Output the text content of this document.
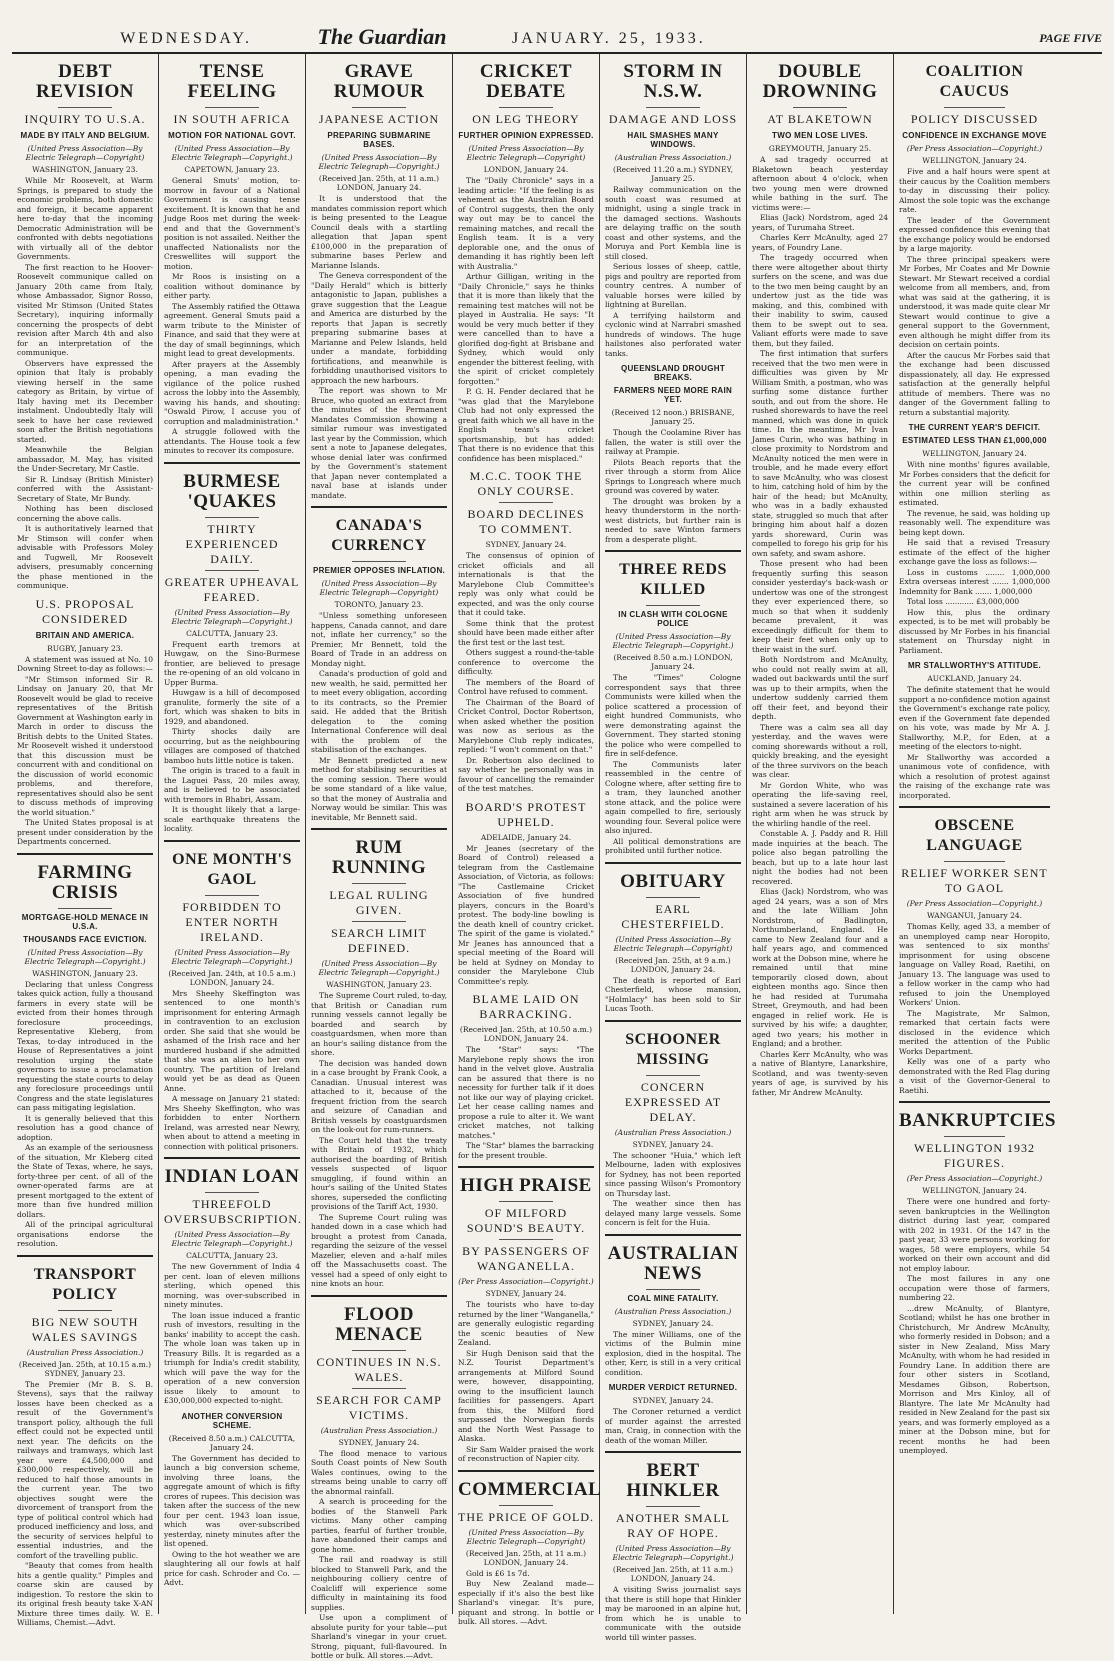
WEDNESDAY.	The Guardian	JANUARY. 25, 1933.	PAGE FIVE
DEBT REVISION
INQUIRY TO U.S.A.
MADE BY ITALY AND BELGIUM.
(United Press Association—By Electric Telegraph—Copyright)
WASHINGTON, January 23.

While Mr Roosevelt, at Warm Springs, is prepared to study the economic problems, both domestic and foreign, it became apparent here to-day that the incoming Democratic Administration will be confronted with debts negotiations with virtually all of the debtor Governments.

The first reaction to he Hoover-Roosevelt communique called on January 20th came from Italy, whose Ambassador, Signor Rosso, visited Mr Stimson (United States Secretary), inquiring informally concerning the prospects of debt revision after March 4th and also for an interpretation of the communique.

Observers have expressed the opinion that Italy is probably viewing herself in the same category as Britain, by virtue of Italy having met its December instalment. Undoubtedly Italy will seek to have her case reviewed soon after the British negotiations started.

Meanwhile the Belgian ambassador, M. May, has visited the Under-Secretary, Mr Castle.

Sir R. Lindsay (British Minister) conferred with the Assistant-Secretary of State, Mr Bundy.

Nothing has been disclosed concerning the above calls.

It is authoritatively learned that Mr Stimson will confer when advisable with Professors Moley and Tugwell, Mr Roosevelt advisers, presumably concerning the phase mentioned in the communique.

U.S. PROPOSAL CONSIDERED
BRITAIN AND AMERICA.
RUGBY, January 23.

A statement was issued at No. 10 Downing Street to-day as follows:—

"Mr Stimson informed Sir R. Lindsay on January 20, that Mr Roosevelt would be glad to receive representatives of the British Government at Washington early in March in order to discuss the British debts to the United States. Mr Roosevelt wished it understood that this discussion must be concurrent with and conditional on the discussion of world economic problems, and therefore, representatives should also be sent to discuss methods of improving the world situation."

The United States proposal is at present under consideration by the Departments concerned.

FARMING CRISIS
MORTGAGE-HOLD MENACE IN U.S.A.
THOUSANDS FACE EVICTION.
(United Press Association—By Electric Telegraph—Copyright.)
WASHINGTON, January 23.

Declaring that unless Congress takes quick action, fully a thousand farmers in every state will be evicted from their homes through foreclosure proceedings, Representative Kleberg, from Texas, to-day introduced in the House of Representatives a joint resolution urging the state governors to issue a proclamation requesting the state courts to delay any foreclosure proceedings until Congress and the state legislatures can pass mitigating legislation.

It is generally believed that this resolution has a good chance of adoption.

As an example of the seriousness of the situation, Mr Kleberg cited the State of Texas, where, he says, forty-three per cent. of all of the owner-operated farms are at present mortgaged to the extent of more than five hundred million dollars.

All of the principal agricultural organisations endorse the resolution.

TRANSPORT POLICY
BIG NEW SOUTH WALES SAVINGS
(Australian Press Association.)
(Received Jan. 25th, at 10.15 a.m.) SYDNEY, January 23.

The Premier (Mr B. S. B. Stevens), says that the railway losses have been checked as a result of the Government's transport policy, although the full effect could not be expected until next year. The deficits on the railways and tramways, which last year were £4,500,000 and £300,000 respectively, will be reduced to half those amounts in the current year. The two objectives sought were the divorcement of transport from the type of political control which had produced inefficiency and loss, and the security of services helpful to essential industries, and the comfort of the travelling public.

"Beauty that comes from health hits a gentle quality." Pimples and coarse skin are caused by indigestion. To restore the skin to its original fresh beauty take X-AN Mixture three times daily. W. E. Williams, Chemist.—Advt.

TENSE FEELING
IN SOUTH AFRICA
MOTION FOR NATIONAL GOVT.
(United Press Association—By Electric Telegraph—Copyright.)
CAPETOWN, January 23.

General Smuts' motion, to-morrow in favour of a National Government is causing tense excitement. It is known that he and Judge Roos met during the week-end and that the Government's position is not assailed. Neither the unaffected Nationalists nor the Creswellites will support the motion.

Mr Roos is insisting on a coalition without dominance by either party.

The Assembly ratified the Ottawa agreement. General Smuts paid a warm tribute to the Minister of Finance, and said that they were at the day of small beginnings, which might lead to great developments.

After prayers at the Assembly opening, a man evading the vigilance of the police rushed across the lobby into the Assembly, waving his hands, and shouting: "Oswald Pirow, I accuse you of corruption and maladministration."

A struggle followed with the attendants. The House took a few minutes to recover its composure.

BURMESE 'QUAKES
THIRTY EXPERIENCED DAILY.
GREATER UPHEAVAL FEARED.
(United Press Association—By Electric Telegraph—Copyright.)
CALCUTTA, January 23.

Frequent earth tremors at Huwgaw, on the Sino-Burmese frontier, are believed to presage the re-opening of an old volcano in Upper Burma.

Huwgaw is a hill of decomposed granulite, formerly the site of a fort, which was shaken to bits in 1929, and abandoned.

Thirty shocks daily are occurring, but as the neighbouring villages are composed of thatched bamboo huts little notice is taken.

The origin is traced to a fault in the Laguei Pass, 20 miles away, and is believed to be associated with tremors in Bhabri, Assam.

It is thought likely that a large-scale earthquake threatens the locality.

ONE MONTH'S GAOL
FORBIDDEN TO ENTER NORTH IRELAND.
(United Press Association—By Electric Telegraph—Copyright.)
(Received Jan. 24th, at 10.5 a.m.) LONDON, January 24.

Mrs Sheehy Skeffington was sentenced to one month's imprisonment for entering Armagh in contravention to an exclusion order. She said that she would be ashamed of the Irish race and her murdered husband if she admitted that she was an alien to her own country. The partition of Ireland would yet be as dead as Queen Anne.

A message on January 21 stated: Mrs Sheehy Skeffington, who was forbidden to enter Northern Ireland, was arrested near Newry, when about to attend a meeting in connection with political prisoners.

INDIAN LOAN
THREEFOLD OVERSUBSCRIPTION.
(United Press Association—By Electric Telegraph—Copyright.)
CALCUTTA, January 23.

The new Government of India 4 per cent. loan of eleven millions sterling, which opened this morning, was over-subscribed in ninety minutes.

The loan issue induced a frantic rush of investors, resulting in the banks' inability to accept the cash. The whole loan was taken up in Treasury Bills. It is regarded as a triumph for India's credit stability, which will pave the way for the operation of a new conversion issue likely to amount to £30,000,000 expected to-night.

ANOTHER CONVERSION SCHEME.
(Received 8.50 a.m.) CALCUTTA, January 24.

The Government has decided to launch a big conversion scheme, involving three loans, the aggregate amount of which is fifty crores of rupees. This decision was taken after the success of the new four per cent. 1943 loan issue, which was over-subscribed yesterday, ninety minutes after the list opened.

Owing to the hot weather we are slaughtering all our fowls at half price for cash. Schroder and Co. —Advt.

GRAVE RUMOUR
JAPANESE ACTION
PREPARING SUBMARINE BASES.
(United Press Association—By Electric Telegraph—Copyright.)
(Received Jan. 25th, at 11 a.m.) LONDON, January 24.

It is understood that the mandates commission report which is being presented to the League Council deals with a startling allegation that Japan spent £100,000 in the preparation of submarine bases Perlew and Marianne Islands.

The Geneva correspondent of the "Daily Herald" which is bitterly antagonistic to Japan, publishes a grave suggestion that the League and America are disturbed by the reports that Japan is secretly preparing submarine bases at Marianne and Pelew Islands, held under a mandate, forbidding fortifications, and meanwhile is forbidding unauthorised visitors to approach the new harbours.

The report was shown to Mr Bruce, who quoted an extract from the minutes of the Permanent Mandates Commission showing a similar rumour was investigated last year by the Commission, which sent a note to Japanese delegates, whose denial later was confirmed by the Government's statement that Japan never contemplated a naval base at islands under mandate.

CANADA'S CURRENCY
PREMIER OPPOSES INFLATION.
(United Press Association—By Electric Telegraph—Copyright)
TORONTO, January 23.

"Unless something unforeseen happens, Canada cannot, and dare not, inflate her currency," so the Premier, Mr Bennett, told the Board of Trade in an address on Monday night.

Canada's production of gold and new wealth, he said, permitted her to meet every obligation, according to its contracts, so the Premier said. He added that the British delegation to the coming International Conference will deal with the problem of the stabilisation of the exchanges.

Mr Bennett predicted a new method for stabilising securities at the coming session. There would be some standard of a like value, so that the money of Australia and Norway would be similar. This was inevitable, Mr Bennett said.

RUM RUNNING
LEGAL RULING GIVEN.
SEARCH LIMIT DEFINED.
(United Press Association—By Electric Telegraph—Copyright.)
WASHINGTON, January 23.

The Supreme Court ruled, to-day, that British or Canadian rum running vessels cannot legally be boarded and search by coastguardsmen, when more than an hour's sailing distance from the shore.

The decision was handed down in a case brought by Frank Cook, a Canadian. Unusual interest was attached to it, because of the frequent friction from the search and seizure of Canadian and British vessels by coastguardsmen on the look-out for rum-runners.

The Court held that the treaty with Britain of 1932, which authorised the boarding of British vessels suspected of liquor smuggling, if found within an hour's sailing of the United States shores, superseded the conflicting provisions of the Tariff Act, 1930.

The Supreme Court ruling was handed down in a case which had brought a protest from Canada, regarding the seizure of the vessel Mazelier, eleven and a-half miles off the Massachusetts coast. The vessel had a speed of only eight to nine knots an hour.

FLOOD MENACE
CONTINUES IN N.S. WALES.
SEARCH FOR CAMP VICTIMS.
(Australian Press Association.)
SYDNEY, January 24.

The flood menace to various South Coast points of New South Wales continues, owing to the streams being unable to carry off the abnormal rainfall.

A search is proceeding for the bodies of the Stanwell Park victims. Many other camping parties, fearful of further trouble, have abandoned their camps and gone home.

The rail and roadway is still blocked to Stanwell Park, and the neighbouring colliery centre of Coalcliff will experience some difficulty in maintaining its food supplies.

Use upon a compliment of absolute purity for your table—put Sharland's vinegar in your cruet. Strong, piquant, full-flavoured. In bottle or bulk. All stores.—Advt.

CRICKET DEBATE
ON LEG THEORY
FURTHER OPINION EXPRESSED.
(United Press Association—By Electric Telegraph—Copyright)
LONDON, January 24.

The "Daily Chronicle" says in a leading article: "If the feeling is as vehement as the Australian Board of Control suggests, then the only way out may be to cancel the remaining matches, and recall the English team. It is a very deplorable one, and the onus of demanding it has rightly been left with Australia."

Arthur Gilligan, writing in the "Daily Chronicle," says he thinks that it is more than likely that the remaining test matches will not be played in Australia. He says: "It would be very much better if they were cancelled than to have a glorified dog-fight at Brisbane and Sydney, which would only engender the bitterest feeling, with the spirit of cricket completely forgotten."

P. G. H. Fender declared that he "was glad that the Marylebone Club had not only expressed the great faith which we all have in the English team's cricket sportsmanship, but has added: That there is no evidence that this confidence has been misplaced."

M.C.C. TOOK THE ONLY COURSE.
BOARD DECLINES TO COMMENT.
SYDNEY, January 24.

The consensus of opinion of cricket officials and all internationals is that the Marylebone Club Committee's reply was only what could be expected, and was the only course that it could take.

Some think that the protest should have been made either after the first test or the last test.

Others suggest a round-the-table conference to overcome the difficulty.

The members of the Board of Control have refused to comment.

The Chairman of the Board of Cricket Control, Doctor Robertson, when asked whether the position was now as serious as the Marylebone Club reply indicates, replied: "I won't comment on that."

Dr. Robertson also declined to say whether he personally was in favour of cancelling the remainder of the test matches.

BOARD'S PROTEST UPHELD.
ADELAIDE, January 24.

Mr Jeanes (secretary of the Board of Control) released a telegram from the Castlemaine Association, of Victoria, as follows: "The Castlemaine Cricket Association of five hundred players, concurs in the Board's protest. The body-line bowling is the death knell of country cricket. The spirit of the game is violated." Mr Jeanes has announced that a special meeting of the Board will be held at Sydney on Monday to consider the Marylebone Club Committee's reply.

BLAME LAID ON BARRACKING.
(Received Jan. 25th, at 10.50 a.m.) LONDON, January 24.

The "Star" says: "The Marylebone reply shows the iron hand in the velvet glove. Australia can be assured that there is no necessity for further talk if it does not like our way of playing cricket. Let her cease calling names and propose a rule to alter it. We want cricket matches, not talking matches."

The "Star" blames the barracking for the present trouble.

HIGH PRAISE
OF MILFORD SOUND'S BEAUTY.
BY PASSENGERS OF WANGANELLA.
(Per Press Association—Copyright.)
SYDNEY, January 24.

The tourists who have to-day returned by the liner "Wanganella," are generally eulogistic regarding the scenic beauties of New Zealand.

Sir Hugh Denison said that the N.Z. Tourist Department's arrangements at Milford Sound were, however, disappointing, owing to the insufficient launch facilities for passengers. Apart from this, the Milford fiord surpassed the Norwegian fiords and the North West Passage to Alaska.

Sir Sam Walder praised the work of reconstruction of Napier city.

COMMERCIAL
THE PRICE OF GOLD.
(United Press Association—By Electric Telegraph—Copyright)
(Received Jan. 25th, at 11 a.m.) LONDON, January 24.

Gold is £6 1s 7d.

Buy New Zealand made—especially if it's also the best like Sharland's vinegar. It's pure, piquant and strong. In bottle or bulk. All stores. —Advt.

STORM IN N.S.W.
DAMAGE AND LOSS
HAIL SMASHES MANY WINDOWS.
(Australian Press Association.)
(Received 11.20 a.m.) SYDNEY, January 25.

Railway communication on the south coast was resumed at midnight, using a single track in the damaged sections. Washouts are delaying traffic on the south coast and other systems, and the Moruya and Port Kembla line is still closed.

Serious losses of sheep, cattle, pigs and poultry are reported from country centres. A number of valuable horses were killed by lightning at Burellan.

A terrifying hailstorm and cyclonic wind at Narrabri smashed hundreds of windows. The huge hailstones also perforated water tanks.

QUEENSLAND DROUGHT BREAKS.
FARMERS NEED MORE RAIN YET.
(Received 12 noon.) BRISBANE, January 25.

Though the Coolamine River has fallen, the water is still over the railway at Prampie.

Pilots Beach reports that the river through a storm from Alice Springs to Longreach where much ground was covered by water.

The drought was broken by a heavy thunderstorm in the north-west districts, but further rain is needed to save Winton farmers from a desperate plight.

THREE REDS KILLED
IN CLASH WITH COLOGNE POLICE
(United Press Association—By Electric Telegraph—Copyright.)
(Received 8.50 a.m.) LONDON, January 24.

The "Times" Cologne correspondent says that three Communists were killed when the police scattered a procession of eight hundred Communists, who were demonstrating against the Government. They started stoning the police who were compelled to fire in self-defence.

The Communists later reassembled in the centre of Cologne where, after setting fire to a tram, they launched another stone attack, and the police were again compelled to fire, seriously wounding four. Several police were also injured.

All political demonstrations are prohibited until further notice.

OBITUARY
EARL CHESTERFIELD.
(United Press Association—By Electric Telegraph—Copyright)
(Received Jan. 25th, at 9 a.m.) LONDON, January 24.

The death is reported of Earl Chesterfield, whose mansion, "Holmlacy" has been sold to Sir Lucas Tooth.

SCHOONER MISSING
CONCERN EXPRESSED AT DELAY.
(Australian Press Association.)
SYDNEY, January 24.

The schooner "Huia," which left Melbourne, laden with explosives for Sydney, has not been reported since passing Wilson's Promontory on Thursday last.

The weather since then has delayed many large vessels. Some concern is felt for the Huia.

AUSTRALIAN NEWS
COAL MINE FATALITY.
(Australian Press Association.)
SYDNEY, January 24.

The miner Williams, one of the victims of the Bulmin mine explosion, died in the hospital. The other, Kerr, is still in a very critical condition.

MURDER VERDICT RETURNED.
SYDNEY, January 24.

The Coroner returned a verdict of murder against the arrested man, Craig, in connection with the death of the woman Miller.

BERT HINKLER
ANOTHER SMALL RAY OF HOPE.
(United Press Association—By Electric Telegraph—Copyright.)
(Received Jan. 25th, at 11 a.m.) LONDON, January 24.

A visiting Swiss journalist says that there is still hope that Hinkler may be marooned in an alpine hut, from which he is unable to communicate with the outside world till winter passes.

DOUBLE DROWNING
AT BLAKETOWN
TWO MEN LOSE LIVES.
GREYMOUTH, January 25.

A sad tragedy occurred at Blaketown beach yesterday afternoon about 4 o'clock, when two young men were drowned while bathing in the surf. The victims were:—

Elias (Jack) Nordstrom, aged 24 years, of Turumaha Street.

Charles Kerr McAnulty, aged 27 years, of Foundry Lane.

The tragedy occurred when there were altogether about thirty surfers on the scene, and was due to the two men being caught by an undertow just as the tide was making, and this, combined with their inability to swim, caused them to be swept out to sea. Valiant efforts were made to save them, but they failed.

The first intimation that surfers received that the two men were in difficulties was given by Mr William Smith, a postman, who was surfing some distance further south, and out from the shore. He rushed shorewards to have the reel manned, which was done in quick time. In the meantime, Mr Ivan James Curin, who was bathing in close proximity to Nordstrom and McAnulty noticed the men were in trouble, and he made every effort to save McAnulty, who was closest to him, catching hold of him by the hair of the head; but McAnulty, who was in a badly exhausted state, struggled so much that after bringing him about half a dozen yards shoreward, Curin was compelled to forego his grip for his own safety, and swam ashore.

Those present who had been frequently surfing this season consider yesterday's back-wash or undertow was one of the strongest they ever experienced there, so much so that when it suddenly became prevalent, it was exceedingly difficult for them to keep their feet when only up to their waist in the surf.

Both Nordstrom and McAnulty, who could not really swim at all, waded out backwards until the surf was up to their armpits, when the undertow suddenly carried them off their feet, and beyond their depth.

There was a calm sea all day yesterday, and the waves were coming shorewards without a roll, quickly breaking, and the eyesight of the three survivors on the beach was clear.

Mr Gordon White, who was operating the life-saving reel, sustained a severe laceration of his right arm when he was struck by the whirling handle of the reel.

Constable A. J. Paddy and R. Hill made inquiries at the beach. The police also began patrolling the beach, but up to a late hour last night the bodies had not been recovered.

Elias (Jack) Nordstrom, who was aged 24 years, was a son of Mrs and the late William John Nordstrom, of Badlington, Northumberland, England. He came to New Zealand four and a half years ago, and commenced work at the Dobson mine, where he remained until that mine temporarily closed down, about eighteen months ago. Since then he had resided at Turumaha Street, Greymouth, and had been engaged in relief work. He is survived by his wife; a daughter, aged two years; his mother in England; and a brother.

Charles Kerr McAnulty, who was a native of Blantyre, Lanarkshire, Scotland, and was twenty-seven years of age, is survived by his father, Mr Andrew McAnulty.

COALITION CAUCUS
POLICY DISCUSSED
CONFIDENCE IN EXCHANGE MOVE
(Per Press Association—Copyright.)
WELLINGTON, January 24.

Five and a half hours were spent at their caucus by the Coalition members to-day in discussing their policy. Almost the sole topic was the exchange rate.

The leader of the Government expressed confidence this evening that the exchange policy would be endorsed by a large majority.

The three principal speakers were Mr Forbes, Mr Coates and Mr Downie Stewart. Mr Stewart received a cordial welcome from all members, and, from what was said at the gathering, it is understood, it was made quite clear Mr Stewart would continue to give a general support to the Government, even although he might differ from its decision on certain points.

After the caucus Mr Forbes said that the exchange had been discussed dispassionately, all day. He expressed satisfaction at the generally helpful attitude of members. There was no danger of the Government falling to return a substantial majority.

THE CURRENT YEAR'S DEFICIT.
ESTIMATED LESS THAN £1,000,000
WELLINGTON, January 24.

With nine months' figures available, Mr Forbes considers that the deficit for the current year will be confined within one million sterling as estimated.

The revenue, he said, was holding up reasonably well. The expenditure was being kept down.

He said that a revised Treasury estimate of the effect of the higher exchange gave the loss as follows:—

Loss in customs ........ 1,000,000 Extra overseas interest ....... 1,000,000 Indemnity for Bank ....... 1,000,000

Total loss ............ £3,000,000

How this, plus the ordinary expected, is to be met will probably be discussed by Mr Forbes in his financial statement on Thursday night in Parliament.

MR STALLWORTHY'S ATTITUDE.
AUCKLAND, January 24.

The definite statement that he would support a no-confidence motion against the Government's exchange rate policy, even if the Government fate depended on his vote, was made by Mr A. J. Stallworthy, M.P., for Eden, at a meeting of the electors to-night.

Mr Stallworthy was accorded a unanimous vote of confidence, with which a resolution of protest against the raising of the exchange rate was incorporated.

OBSCENE LANGUAGE
RELIEF WORKER SENT TO GAOL
(Per Press Association—Copyright.)
WANGANUI, January 24.

Thomas Kelly, aged 33, a member of an unemployed camp near Horopito, was sentenced to six months' imprisonment for using obscene language on Valley Road, Raetihi, on January 13. The language was used to a fellow worker in the camp who had refused to join the Unemployed Workers' Union.

The Magistrate, Mr Salmon, remarked that certain facts were disclosed in the evidence which merited the attention of the Public Works Department.

Kelly was one of a party who demonstrated with the Red Flag during a visit of the Governor-General to Raetihi.

BANKRUPTCIES
WELLINGTON 1932 FIGURES.
(Per Press Association—Copyright.)
WELLINGTON, January 24.

There were one hundred and forty-seven bankruptcies in the Wellington district during last year, compared with 202 in 1931. Of the 147 in the past year, 33 were persons working for wages, 58 were employers, while 54 worked on their own account and did not employ labour.

The most failures in any one occupation were those of farmers, numbering 22.

...drew McAnulty, of Blantyre, Scotland; whilst he has one brother in Christchurch, Mr Andrew McAnulty, who formerly resided in Dobson; and a sister in New Zealand, Miss Mary McAnulty, with whom he had resided in Foundry Lane. In addition there are four other sisters in Scotland, Mesdames Gibson, Robertson, Morrison and Mrs Kinloy, all of Blantyre. The late Mr McAnulty had resided in New Zealand for the past six years, and was formerly employed as a miner at the Dobson mine, but for recent months he had been unemployed.
